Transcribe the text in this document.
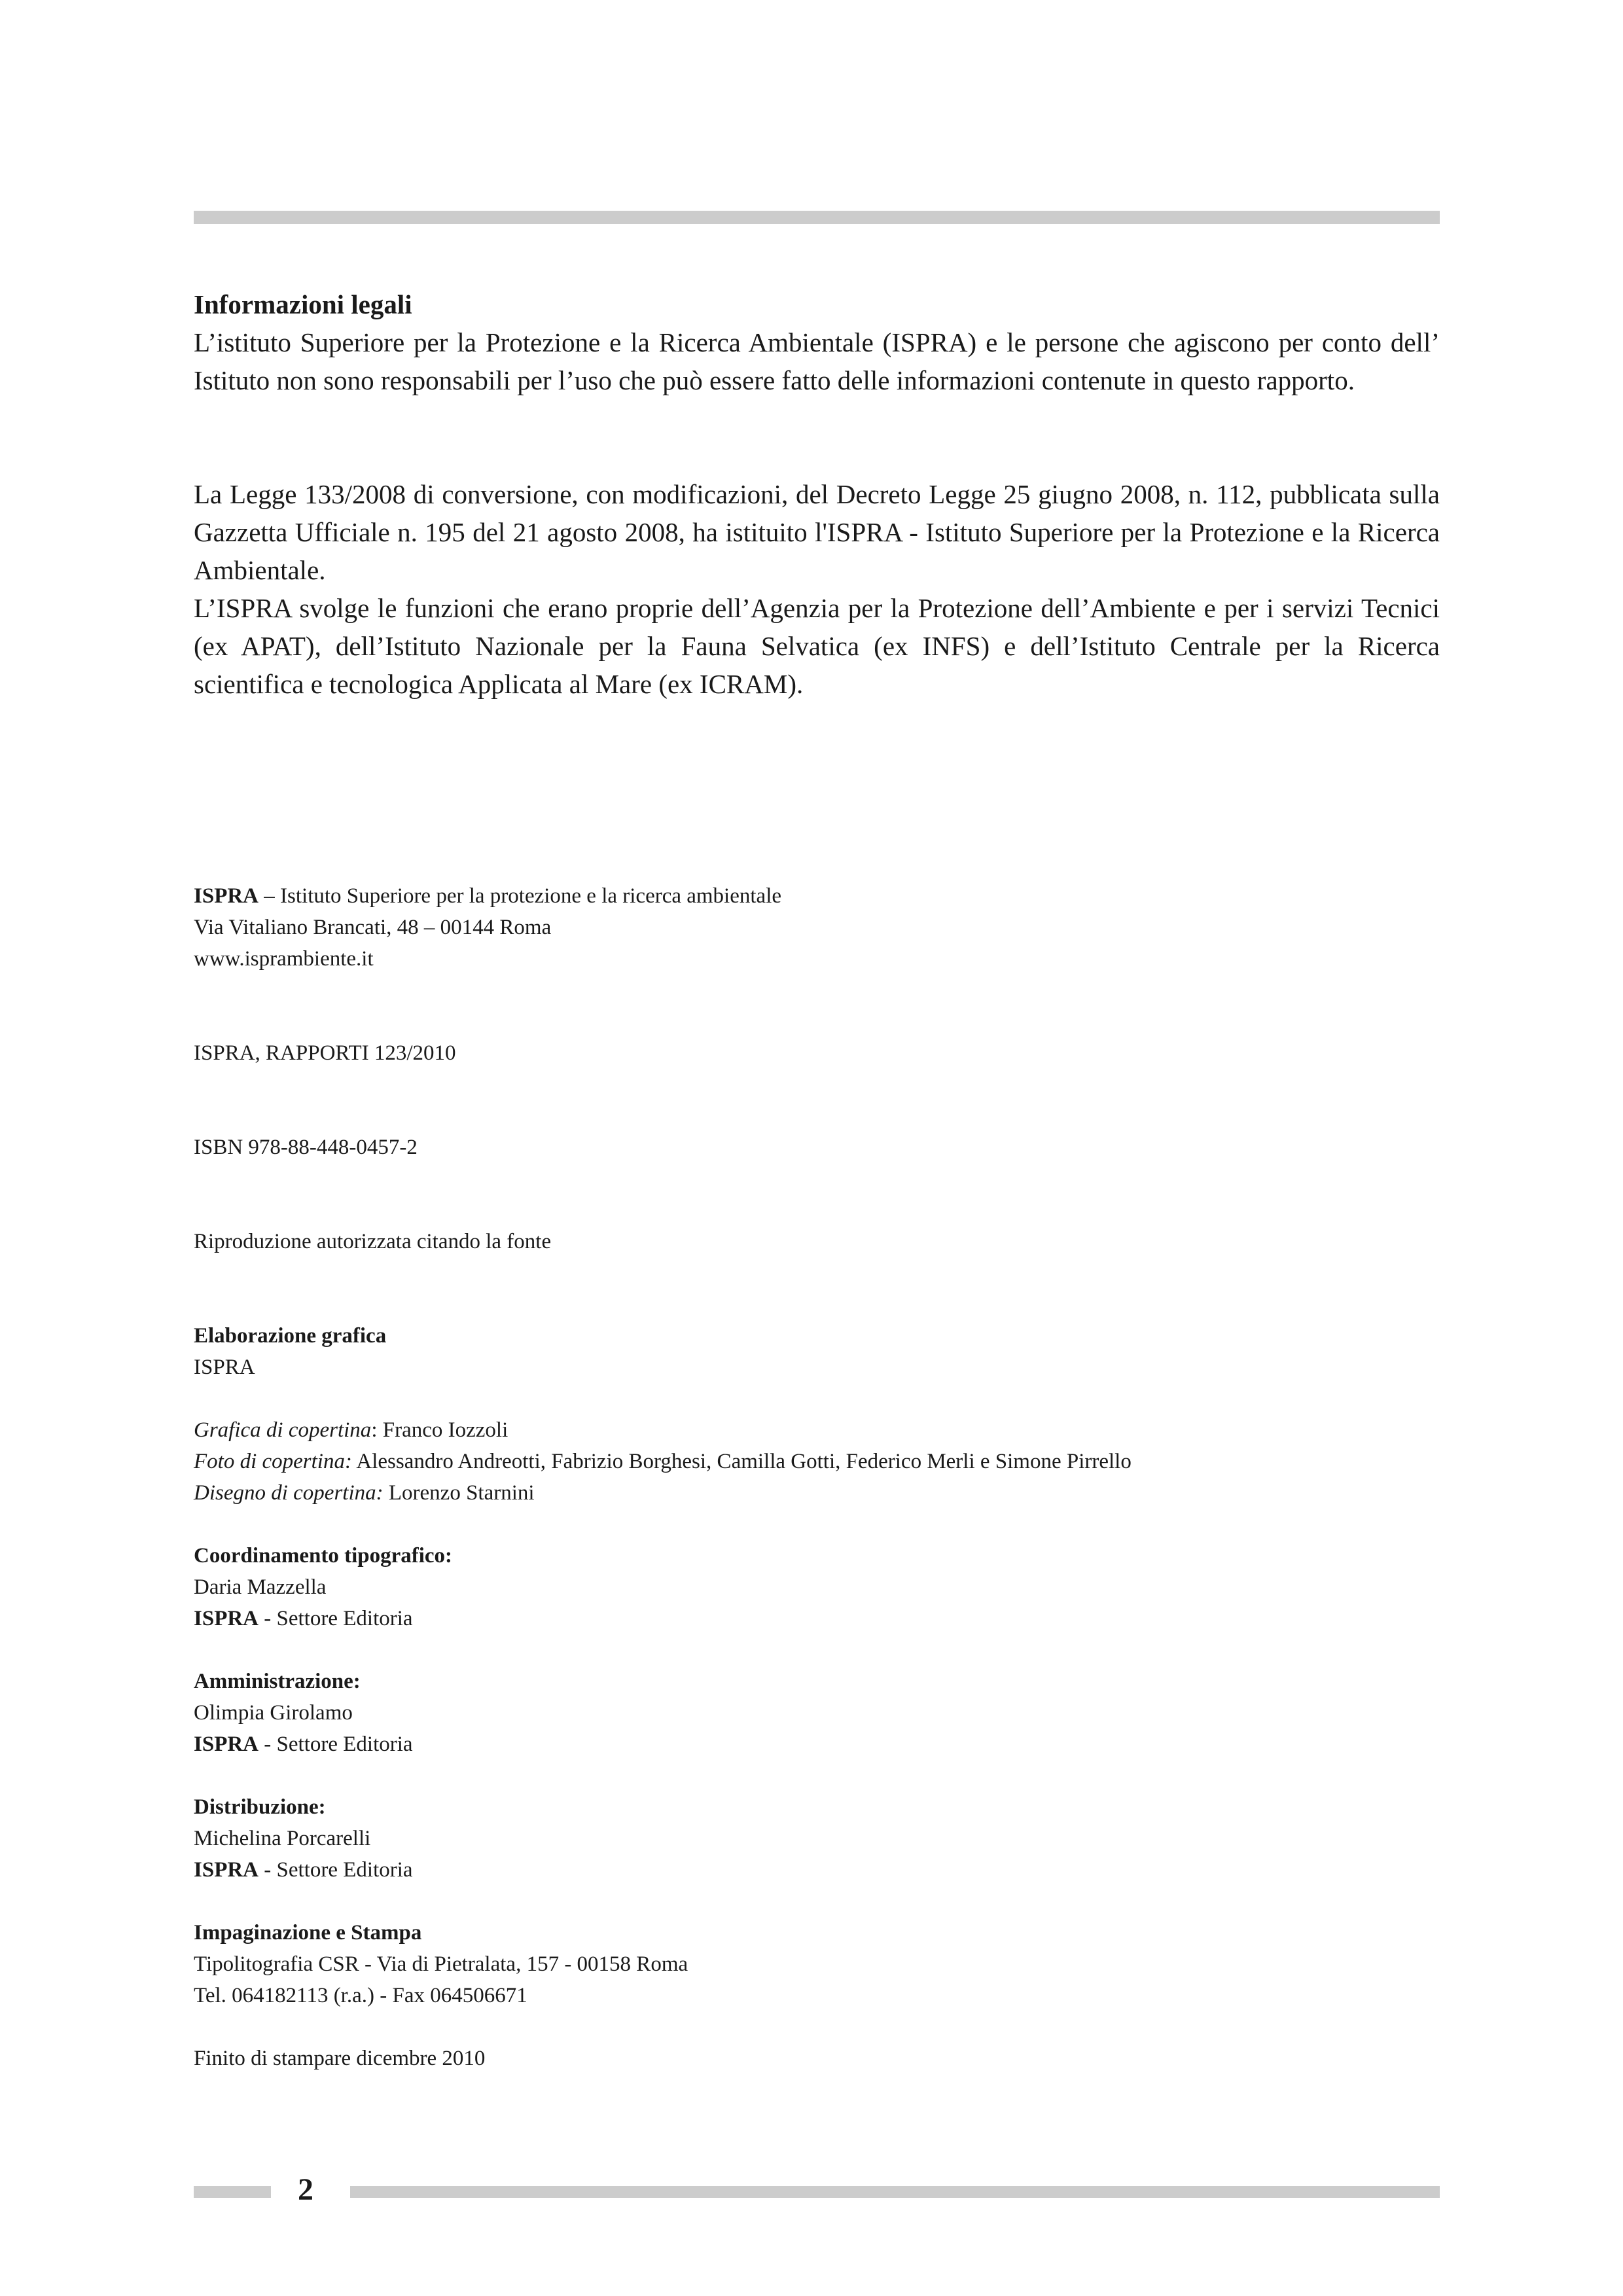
Informazioni legali

L’istituto Superiore per la Protezione e la Ricerca Ambientale (ISPRA) e le persone che agiscono per conto dell’ Istituto non sono responsabili per l’uso che può essere fatto delle informazioni contenute in questo rapporto.

La Legge 133/2008 di conversione, con modificazioni, del Decreto Legge 25 giugno 2008, n. 112, pubblicata sulla Gazzetta Ufficiale n. 195 del 21 agosto 2008, ha istituito l'ISPRA - Istituto Superiore per la Protezione e la Ricerca Ambientale.

L’ISPRA svolge le funzioni che erano proprie dell’Agenzia per la Protezione dell’Ambiente e per i servizi Tecnici (ex APAT), dell’Istituto Nazionale per la Fauna Selvatica (ex INFS) e dell’Istituto Centrale per la Ricerca scientifica e tecnologica Applicata al Mare (ex ICRAM).

ISPRA – Istituto Superiore per la protezione e la ricerca ambientale

Via Vitaliano Brancati, 48 – 00144 Roma

www.isprambiente.it

ISPRA, RAPPORTI 123/2010

ISBN 978-88-448-0457-2

Riproduzione autorizzata citando la fonte

Elaborazione grafica

ISPRA

Grafica di copertina: Franco Iozzoli

Foto di copertina: Alessandro Andreotti, Fabrizio Borghesi, Camilla Gotti, Federico Merli e Simone Pirrello

Disegno di copertina: Lorenzo Starnini

Coordinamento tipografico:

Daria Mazzella

ISPRA - Settore Editoria

Amministrazione:

Olimpia Girolamo

ISPRA - Settore Editoria

Distribuzione:

Michelina Porcarelli

ISPRA - Settore Editoria

Impaginazione e Stampa

Tipolitografia CSR - Via di Pietralata, 157 - 00158 Roma

Tel. 064182113 (r.a.) - Fax 064506671

Finito di stampare dicembre 2010

2
